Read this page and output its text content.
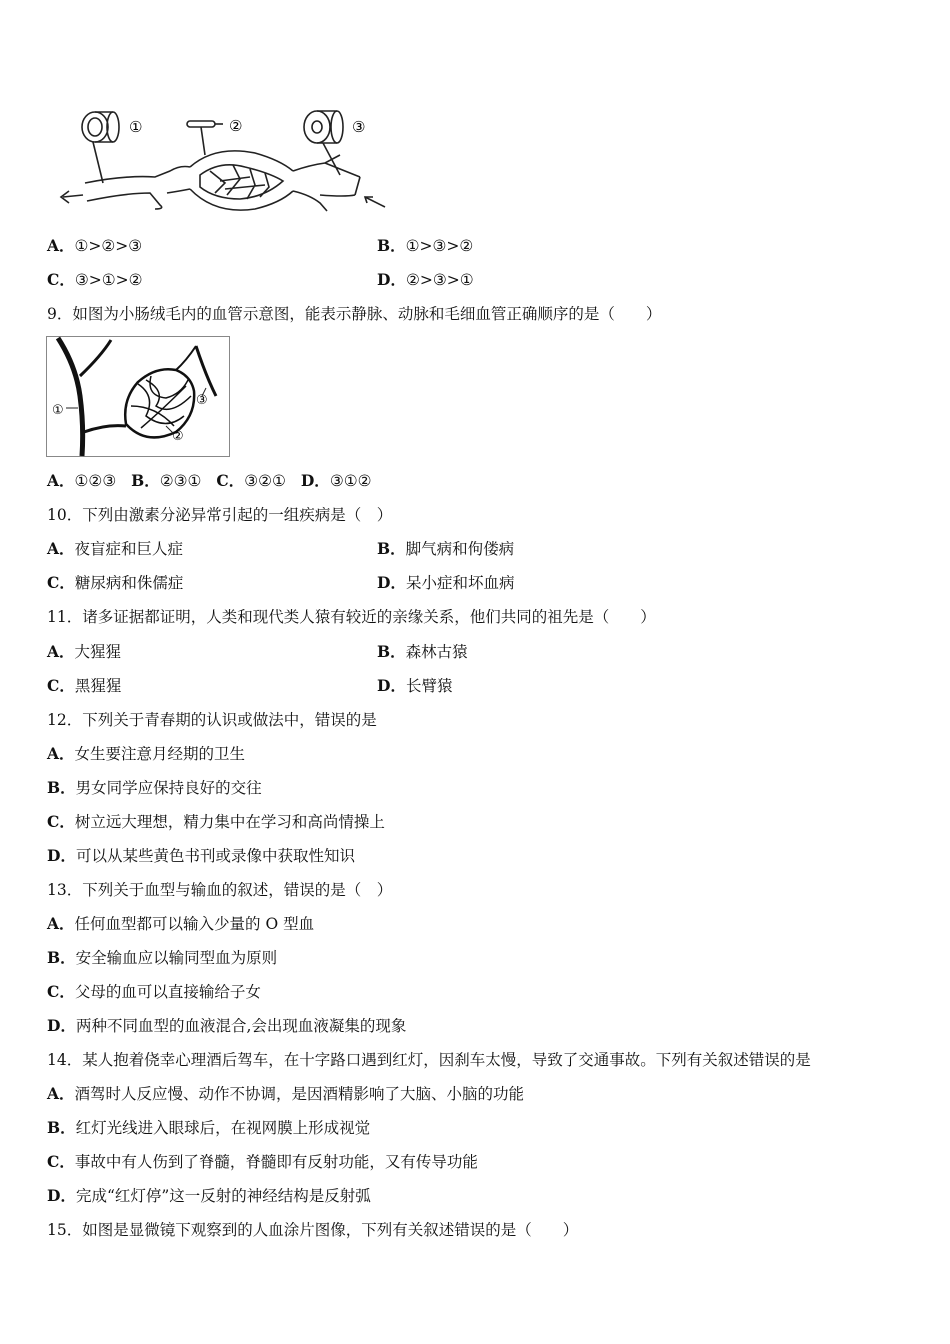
①	②	③
A．①>②>③	B．①>③>②
C．③>①>②	D．②>③>①
9．如图为小肠绒毛内的血管示意图，能表示静脉、动脉和毛细血管正确顺序的是（　　）
①
②
③
A．①②③ B．②③① C．③②① D．③①②
10．下列由激素分泌异常引起的一组疾病是（　）
A．夜盲症和巨人症	B．脚气病和佝偻病
C．糖尿病和侏儒症	D．呆小症和坏血病
11．诸多证据都证明，人类和现代类人猿有较近的亲缘关系，他们共同的祖先是（　　）
A．大猩猩	B．森林古猿
C．黑猩猩	D．长臂猿
12．下列关于青春期的认识或做法中，错误的是
A．女生要注意月经期的卫生
B．男女同学应保持良好的交往
C．树立远大理想，精力集中在学习和高尚情操上
D．可以从某些黄色书刊或录像中获取性知识
13．下列关于血型与输血的叙述，错误的是（　）
A．任何血型都可以输入少量的 O 型血
B．安全输血应以输同型血为原则
C．父母的血可以直接输给子女
D．两种不同血型的血液混合,会出现血液凝集的现象
14．某人抱着侥幸心理酒后驾车，在十字路口遇到红灯，因刹车太慢，导致了交通事故。下列有关叙述错误的是
A．酒驾时人反应慢、动作不协调，是因酒精影响了大脑、小脑的功能
B．红灯光线进入眼球后，在视网膜上形成视觉
C．事故中有人伤到了脊髓，脊髓即有反射功能，又有传导功能
D．完成“红灯停”这一反射的神经结构是反射弧
15．如图是显微镜下观察到的人血涂片图像，下列有关叙述错误的是（　　）
